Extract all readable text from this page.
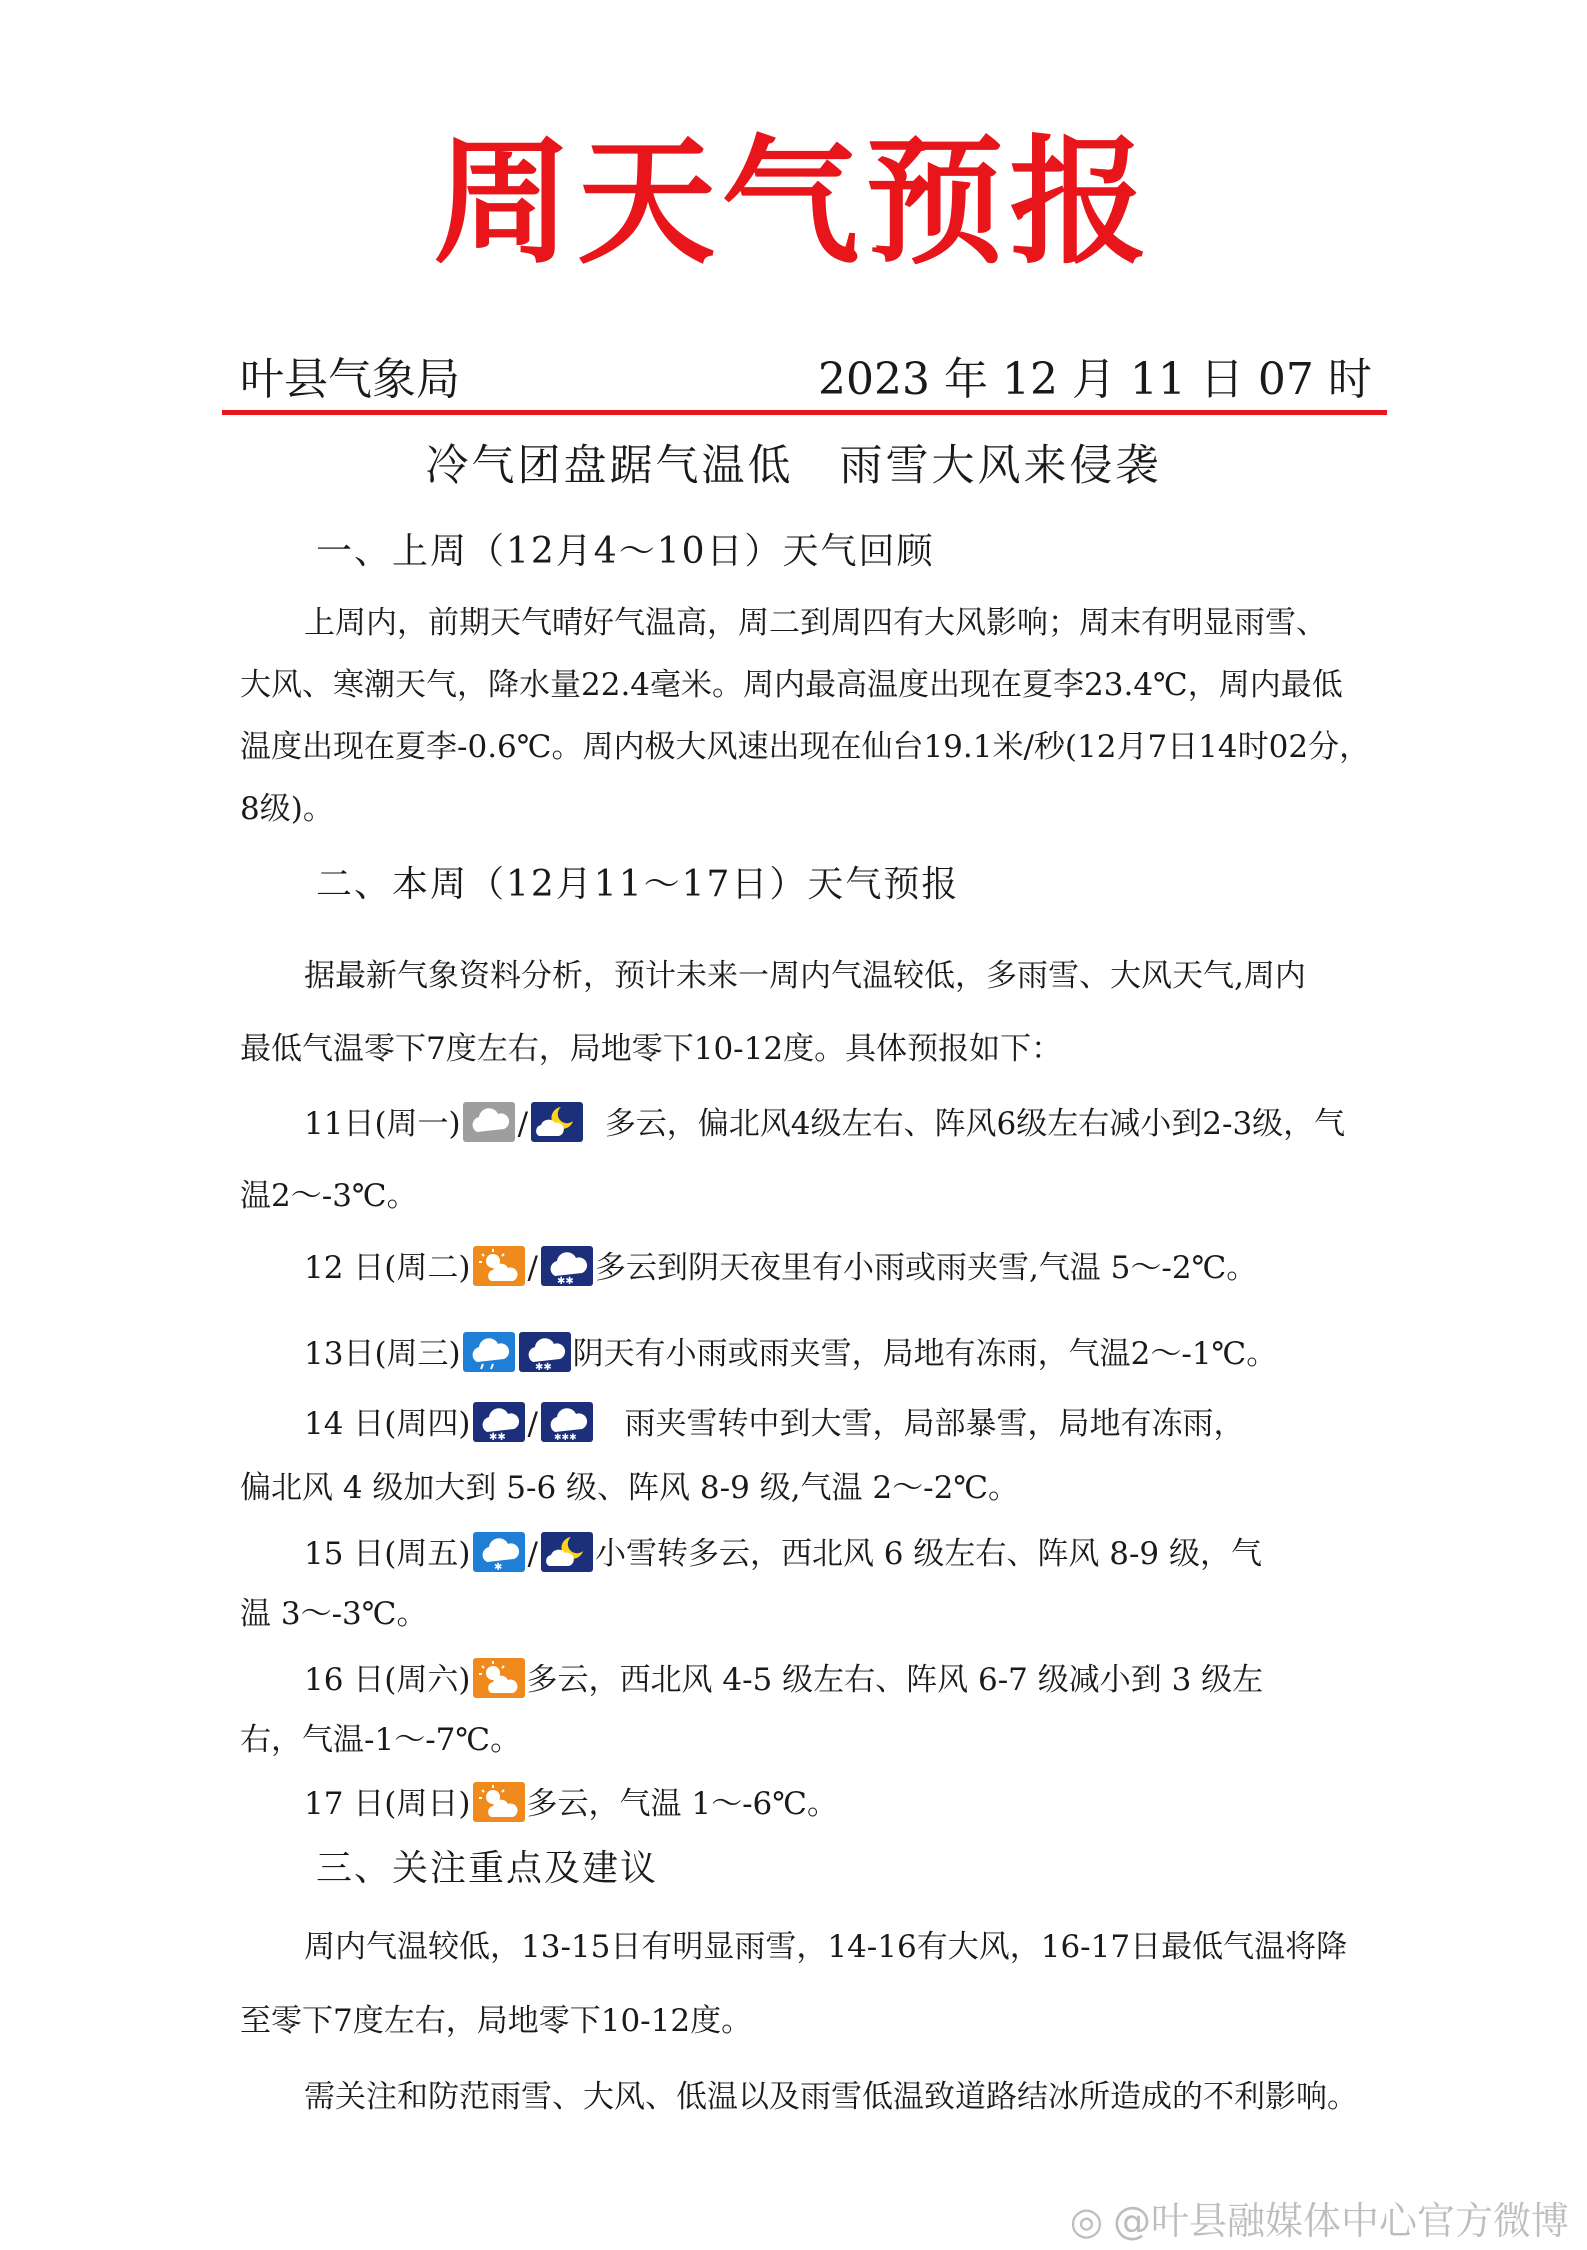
周天气预报
叶县气象局	2023 年 12 月 11 日 07 时
冷气团盘踞气温低　雨雪大风来侵袭
一、上周（12月4～10日）天气回顾
上周内，前期天气晴好气温高，周二到周四有大风影响；周末有明显雨雪、
大风、寒潮天气，降水量22.4毫米。周内最高温度出现在夏李23.4℃，周内最低
温度出现在夏李-0.6℃。周内极大风速出现在仙台19.1米/秒(12月7日14时02分，
8级)。
二、本周（12月11～17日）天气预报
据最新气象资料分析，预计未来一周内气温较低，多雨雪、大风天气,周内
最低气温零下7度左右，局地零下10-12度。具体预报如下：
11日(周一) / 多云，偏北风4级左右、阵风6级左右减小到2-3级，气
温2～-3℃。
12 日(周二) / ✱✱ 多云到阴天夜里有小雨或雨夹雪,气温 5～-2℃。
13日(周三)	✱✱ 阴天有小雨或雨夹雪，局地有冻雨，气温2～-1℃。
14 日(周四) ✱✱ / ✱✱✱ 雨夹雪转中到大雪，局部暴雪，局地有冻雨，
偏北风 4 级加大到 5-6 级、阵风 8-9 级,气温 2～-2℃。
15 日(周五) ✱ / 小雪转多云，西北风 6 级左右、阵风 8-9 级，气
温 3～-3℃。
16 日(周六) 多云，西北风 4-5 级左右、阵风 6-7 级减小到 3 级左
右，气温-1～-7℃。
17 日(周日) 多云，气温 1～-6℃。
三、关注重点及建议
周内气温较低，13-15日有明显雨雪，14-16有大风，16-17日最低气温将降
至零下7度左右，局地零下10-12度。
需关注和防范雨雪、大风、低温以及雨雪低温致道路结冰所造成的不利影响。
◎ @叶县融媒体中心官方微博
